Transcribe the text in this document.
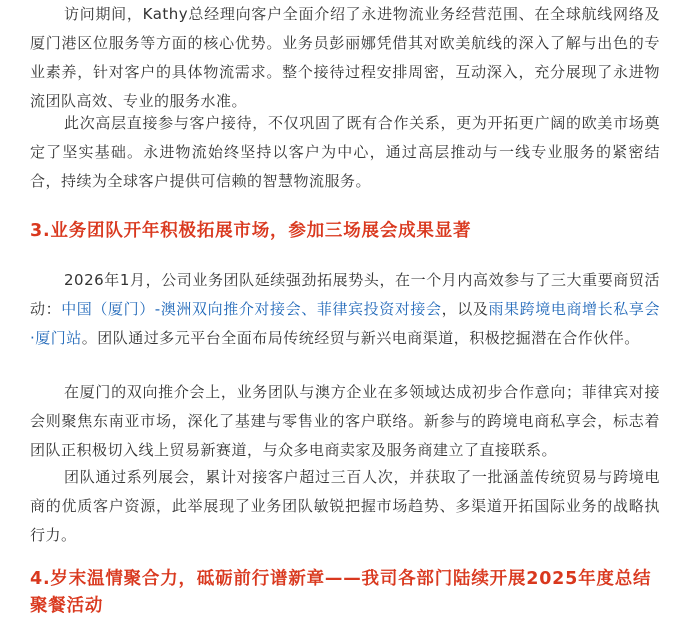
访问期间，Kathy总经理向客户全面介绍了永进物流业务经营范围、在全球航线网络及厦门港区位服务等方面的核心优势。业务员彭丽娜凭借其对欧美航线的深入了解与出色的专业素养，针对客户的具体物流需求。整个接待过程安排周密，互动深入，充分展现了永进物流团队高效、专业的服务水准。

此次高层直接参与客户接待，不仅巩固了既有合作关系，更为开拓更广阔的欧美市场奠定了坚实基础。永进物流始终坚持以客户为中心，通过高层推动与一线专业服务的紧密结合，持续为全球客户提供可信赖的智慧物流服务。

3.业务团队开年积极拓展市场，参加三场展会成果显著

2026年1月，公司业务团队延续强劲拓展势头，在一个月内高效参与了三大重要商贸活动：中国（厦门）-澳洲双向推介对接会、菲律宾投资对接会，以及雨果跨境电商增长私享会·厦门站。团队通过多元平台全面布局传统经贸与新兴电商渠道，积极挖掘潜在合作伙伴。

在厦门的双向推介会上，业务团队与澳方企业在多领域达成初步合作意向；菲律宾对接会则聚焦东南亚市场，深化了基建与零售业的客户联络。新参与的跨境电商私享会，标志着团队正积极切入线上贸易新赛道，与众多电商卖家及服务商建立了直接联系。

团队通过系列展会，累计对接客户超过三百人次，并获取了一批涵盖传统贸易与跨境电商的优质客户资源，此举展现了业务团队敏锐把握市场趋势、多渠道开拓国际业务的战略执行力。

4.岁末温情聚合力，砥砺前行谱新章——我司各部门陆续开展2025年度总结聚餐活动
